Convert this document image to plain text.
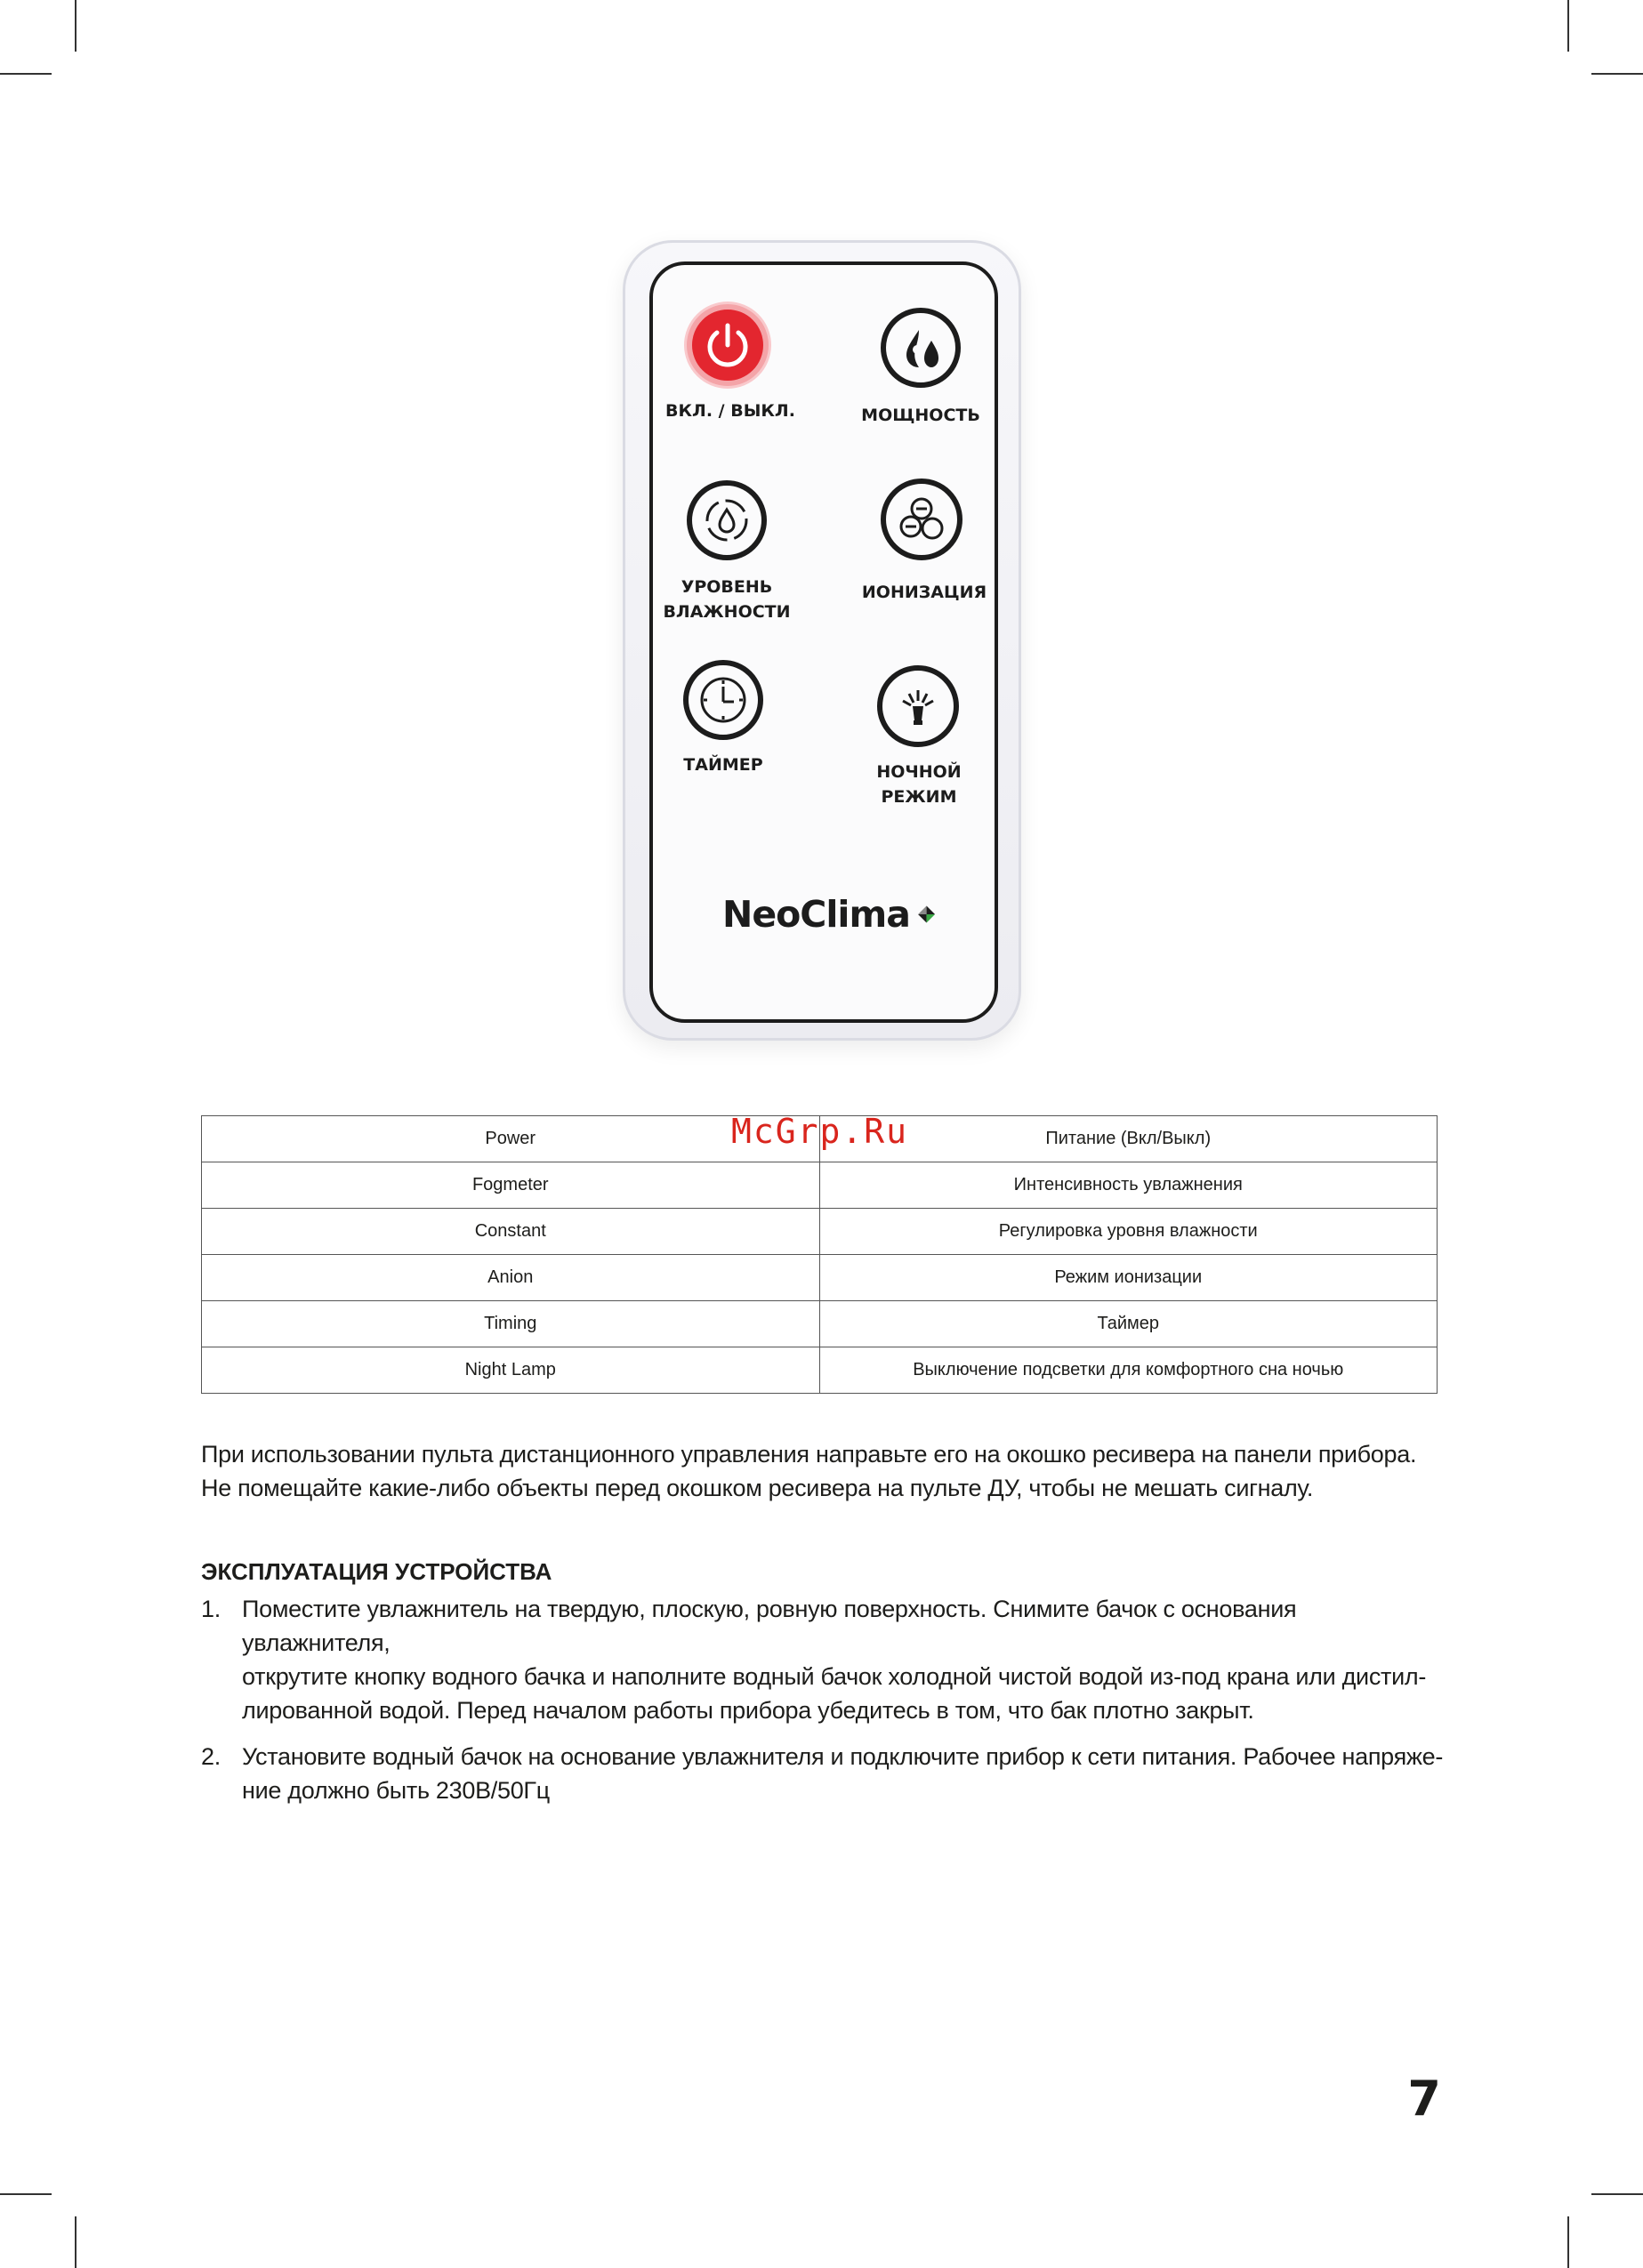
ВКЛ. / ВЫКЛ.	МОЩНОСТЬ
УРОВЕНЬ
ВЛАЖНОСТИ
ИОНИЗАЦИЯ
ТАЙМЕР	НОЧНОЙ
РЕЖИМ
NeoClima
Power	Питание (Вкл/Выкл)
Fogmeter	Интенсивность увлажнения
Constant	Регулировка уровня влажности
Anion	Режим ионизации
Timing	Таймер
Night Lamp	Выключение подсветки для комфортного сна ночью
McGrp.Ru
При использовании пульта дистанционного управления направьте его на окошко ресивера на панели прибора.
Не помещайте какие-либо объекты перед окошком ресивера на пульте ДУ, чтобы не мешать сигналу.
ЭКСПЛУАТАЦИЯ УСТРОЙСТВА
1. Поместите увлажнитель на твердую, плоскую, ровную поверхность. Снимите бачок с основания увлажнителя,
открутите кнопку водного бачка и наполните водный бачок холодной чистой водой из-под крана или дистил-
лированной водой. Перед началом работы прибора убедитесь в том, что бак плотно закрыт.
2. Установите водный бачок на основание увлажнителя и подключите прибор к сети питания. Рабочее напряже-
ние должно быть 230В/50Гц
7
